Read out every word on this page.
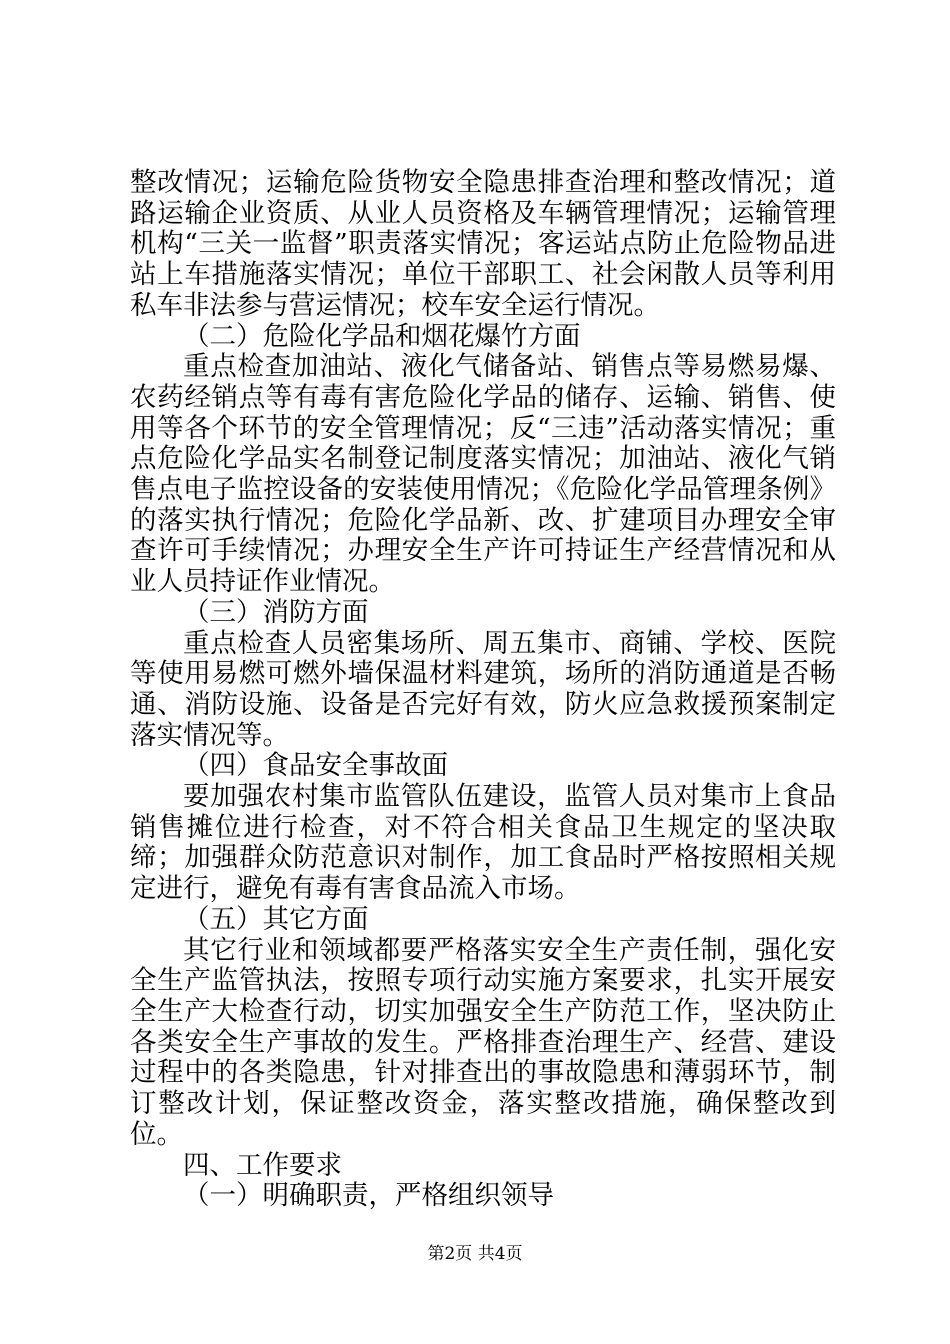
整改情况；运输危险货物安全隐患排查治理和整改情况；道路运输企业资质、从业人员资格及车辆管理情况；运输管理机构“三关一监督”职责落实情况；客运站点防止危险物品进站上车措施落实情况；单位干部职工、社会闲散人员等利用私车非法参与营运情况；校车安全运行情况。

（二）危险化学品和烟花爆竹方面

重点检查加油站、液化气储备站、销售点等易燃易爆、农药经销点等有毒有害危险化学品的储存、运输、销售、使用等各个环节的安全管理情况；反“三违”活动落实情况；重点危险化学品实名制登记制度落实情况；加油站、液化气销售点电子监控设备的安装使用情况；《危险化学品管理条例》的落实执行情况；危险化学品新、改、扩建项目办理安全审查许可手续情况；办理安全生产许可持证生产经营情况和从业人员持证作业情况。

（三）消防方面

重点检查人员密集场所、周五集市、商铺、学校、医院等使用易燃可燃外墙保温材料建筑，场所的消防通道是否畅通、消防设施、设备是否完好有效，防火应急救援预案制定落实情况等。

（四）食品安全事故面

要加强农村集市监管队伍建设，监管人员对集市上食品销售摊位进行检查，对不符合相关食品卫生规定的坚决取缔；加强群众防范意识对制作，加工食品时严格按照相关规定进行，避免有毒有害食品流入市场。

（五）其它方面

其它行业和领域都要严格落实安全生产责任制，强化安全生产监管执法，按照专项行动实施方案要求，扎实开展安全生产大检查行动，切实加强安全生产防范工作，坚决防止各类安全生产事故的发生。严格排查治理生产、经营、建设过程中的各类隐患，针对排查出的事故隐患和薄弱环节，制订整改计划，保证整改资金，落实整改措施，确保整改到位。

四、工作要求

（一）明确职责，严格组织领导

第2页 共4页
